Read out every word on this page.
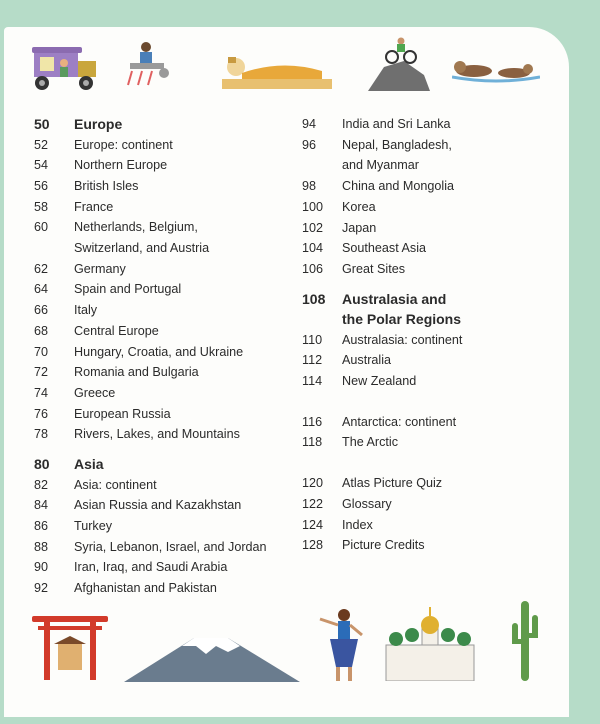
50	Europe
52	Europe: continent
54	Northern Europe
56	British Isles
58	France
60	Netherlands, Belgium,
Switzerland, and Austria
62	Germany
64	Spain and Portugal
66	Italy
68	Central Europe
70	Hungary, Croatia, and Ukraine
72	Romania and Bulgaria
74	Greece
76	European Russia
78	Rivers, Lakes, and Mountains
80	Asia
82	Asia: continent
84	Asian Russia and Kazakhstan
86	Turkey
88	Syria, Lebanon, Israel, and Jordan
90	Iran, Iraq, and Saudi Arabia
92	Afghanistan and Pakistan
94	India and Sri Lanka
96	Nepal, Bangladesh,
and Myanmar
98	China and Mongolia
100	Korea
102	Japan
104	Southeast Asia
106	Great Sites
108	Australasia and
the Polar Regions
110	Australasia: continent
112	Australia
114	New Zealand
116	Antarctica: continent
118	The Arctic
120	Atlas Picture Quiz
122	Glossary
124	Index
128	Picture Credits
